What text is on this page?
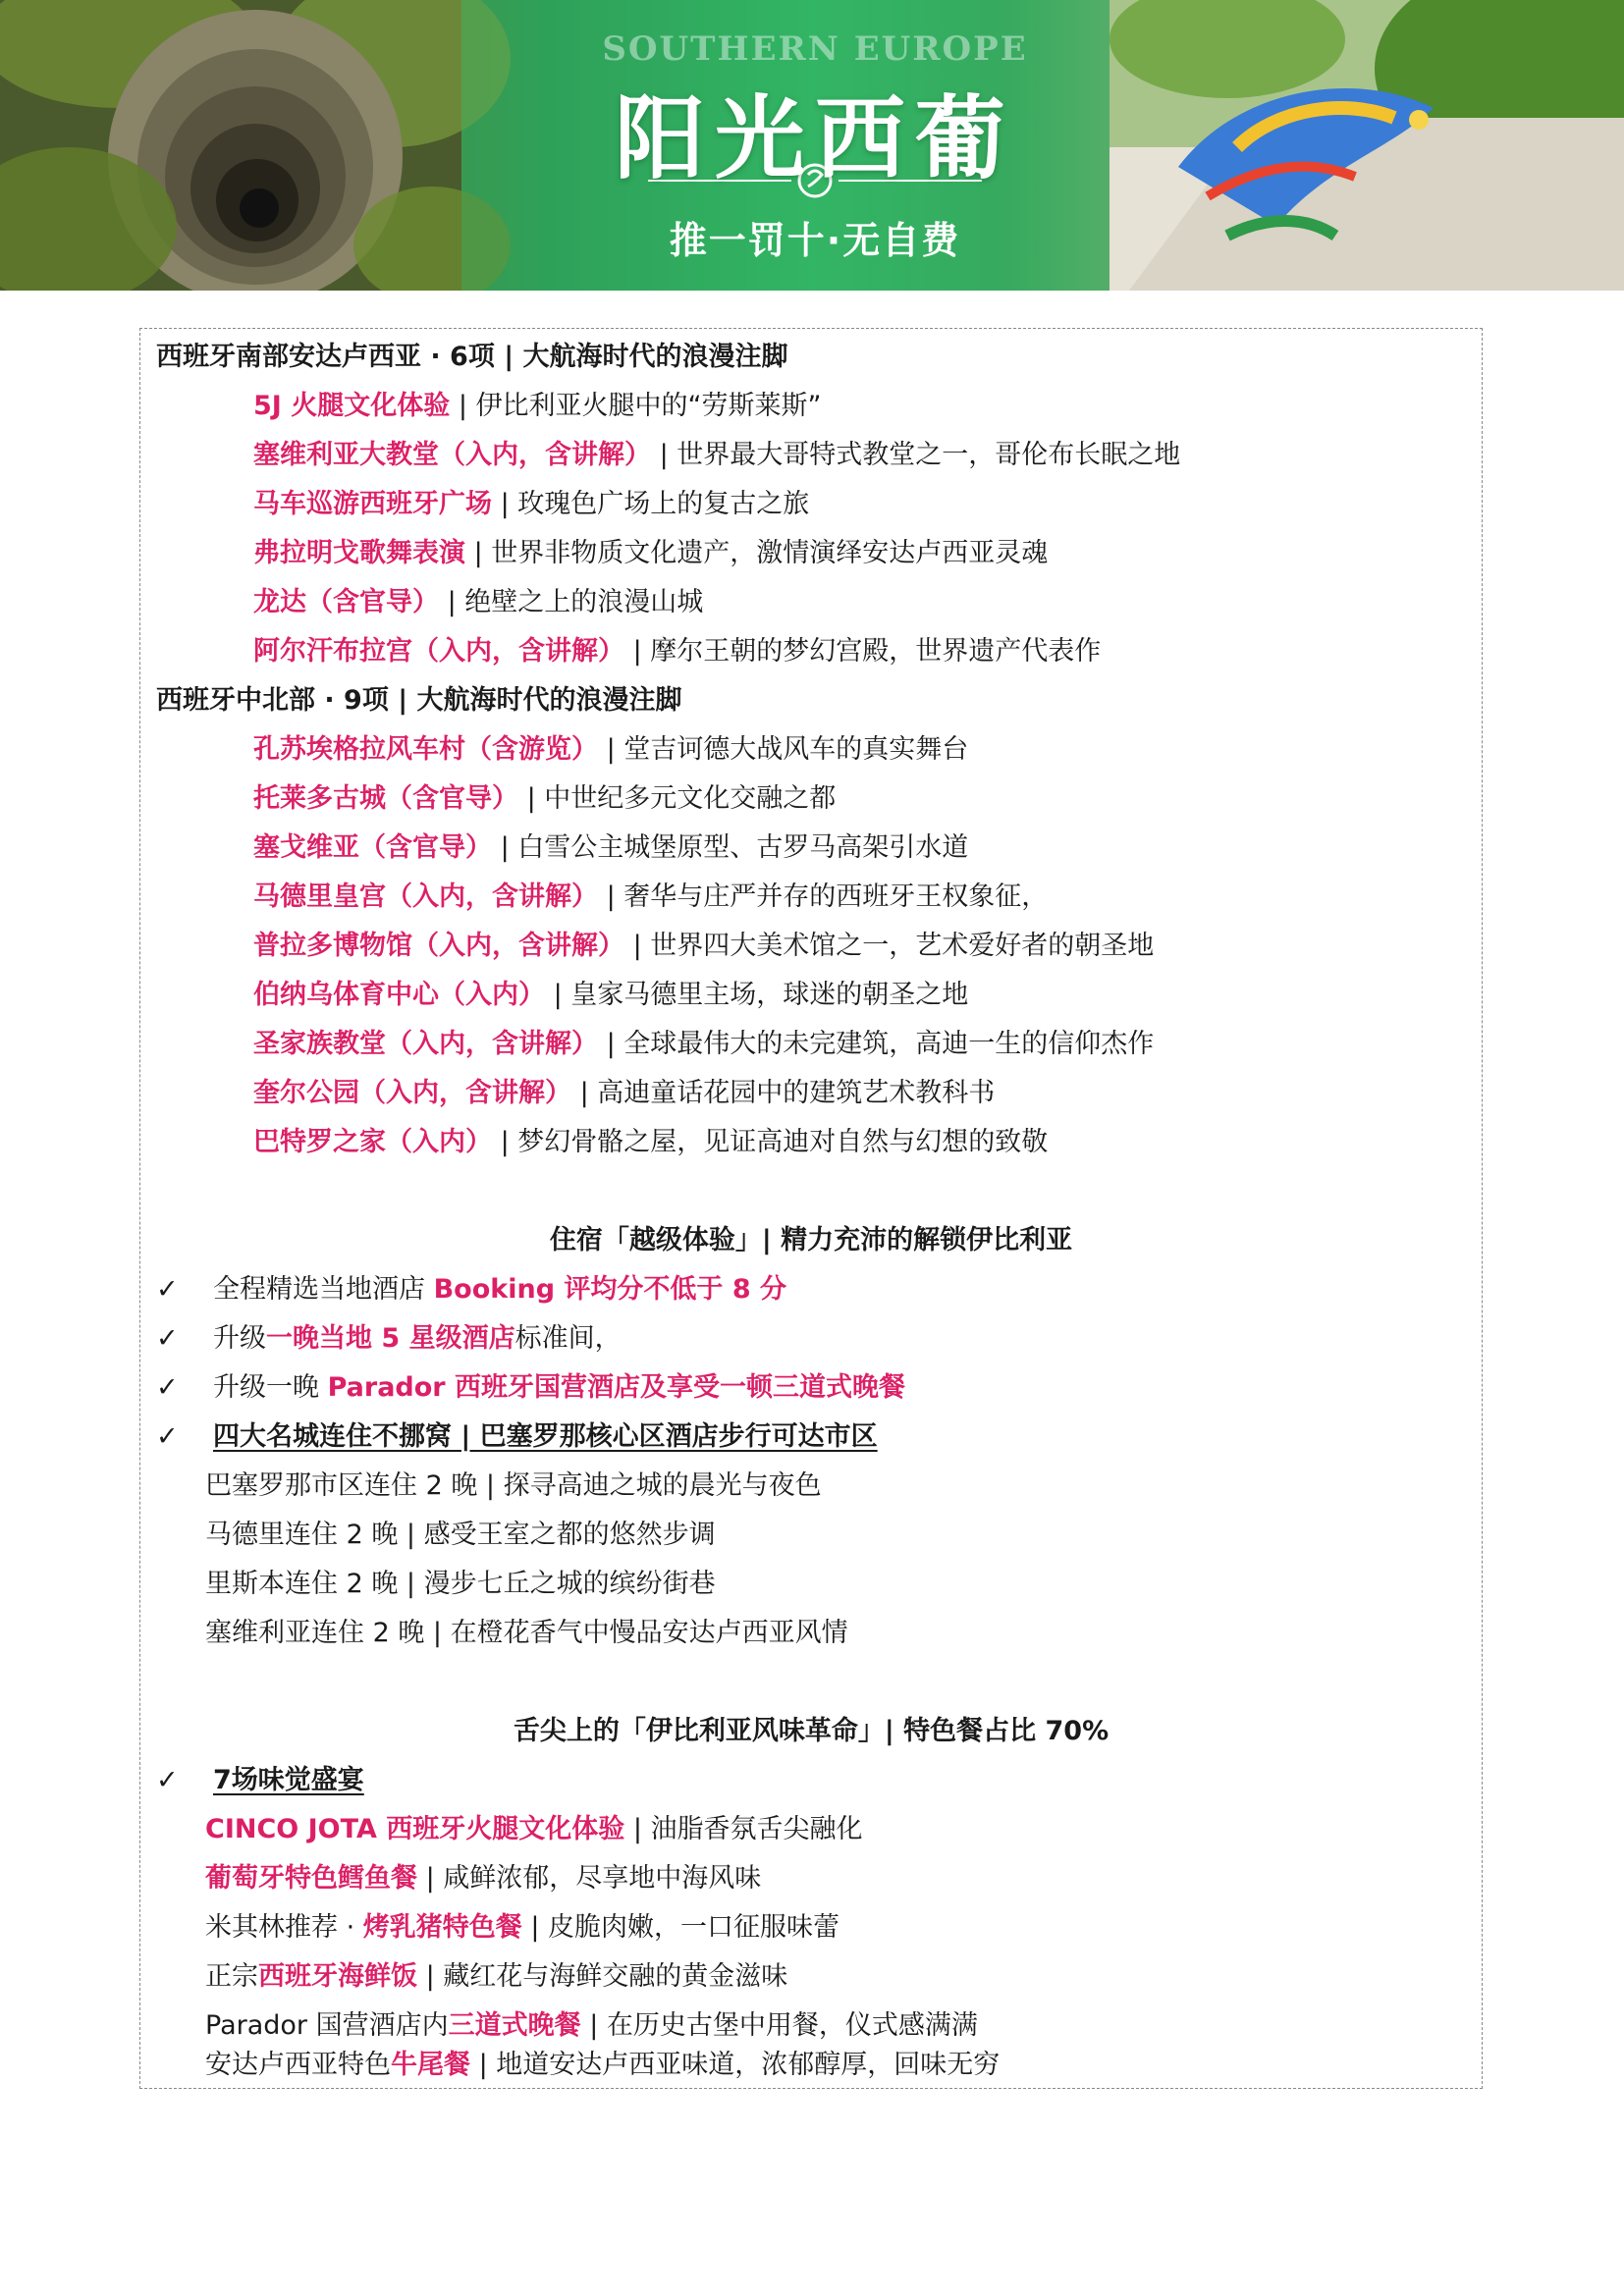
SOUTHERN EUROPE
阳光西葡
推一罚十·无自费
西班牙南部安达卢西亚 · 6项 | 大航海时代的浪漫注脚
5J 火腿文化体验 | 伊比利亚火腿中的“劳斯莱斯”
塞维利亚大教堂（入内，含讲解） | 世界最大哥特式教堂之一，哥伦布长眠之地
马车巡游西班牙广场 | 玫瑰色广场上的复古之旅
弗拉明戈歌舞表演 | 世界非物质文化遗产，激情演绎安达卢西亚灵魂
龙达（含官导） | 绝壁之上的浪漫山城
阿尔汗布拉宫（入内，含讲解） | 摩尔王朝的梦幻宫殿，世界遗产代表作
西班牙中北部 · 9项 | 大航海时代的浪漫注脚
孔苏埃格拉风车村（含游览） | 堂吉诃德大战风车的真实舞台
托莱多古城（含官导） | 中世纪多元文化交融之都
塞戈维亚（含官导） | 白雪公主城堡原型、古罗马高架引水道
马德里皇宫（入内，含讲解） | 奢华与庄严并存的西班牙王权象征，
普拉多博物馆（入内，含讲解） | 世界四大美术馆之一，艺术爱好者的朝圣地
伯纳乌体育中心（入内） | 皇家马德里主场，球迷的朝圣之地
圣家族教堂（入内，含讲解） | 全球最伟大的未完建筑，高迪一生的信仰杰作
奎尔公园（入内，含讲解） | 高迪童话花园中的建筑艺术教科书
巴特罗之家（入内） | 梦幻骨骼之屋，见证高迪对自然与幻想的致敬
住宿「越级体验」| 精力充沛的解锁伊比利亚
✓ 全程精选当地酒店 Booking 评均分不低于 8 分
✓ 升级一晚当地 5 星级酒店标准间，
✓ 升级一晚 Parador 西班牙国营酒店及享受一顿三道式晚餐
✓ 四大名城连住不挪窝 | 巴塞罗那核心区酒店步行可达市区
巴塞罗那市区连住 2 晚 | 探寻高迪之城的晨光与夜色
马德里连住 2 晚 | 感受王室之都的悠然步调
里斯本连住 2 晚 | 漫步七丘之城的缤纷街巷
塞维利亚连住 2 晚 | 在橙花香气中慢品安达卢西亚风情
舌尖上的「伊比利亚风味革命」| 特色餐占比 70%
✓ 7场味觉盛宴
CINCO JOTA 西班牙火腿文化体验 | 油脂香氛舌尖融化
葡萄牙特色鳕鱼餐 | 咸鲜浓郁，尽享地中海风味
米其林推荐 · 烤乳猪特色餐 | 皮脆肉嫩，一口征服味蕾
正宗西班牙海鲜饭 | 藏红花与海鲜交融的黄金滋味
Parador 国营酒店内三道式晚餐 | 在历史古堡中用餐，仪式感满满
安达卢西亚特色牛尾餐 | 地道安达卢西亚味道，浓郁醇厚，回味无穷
